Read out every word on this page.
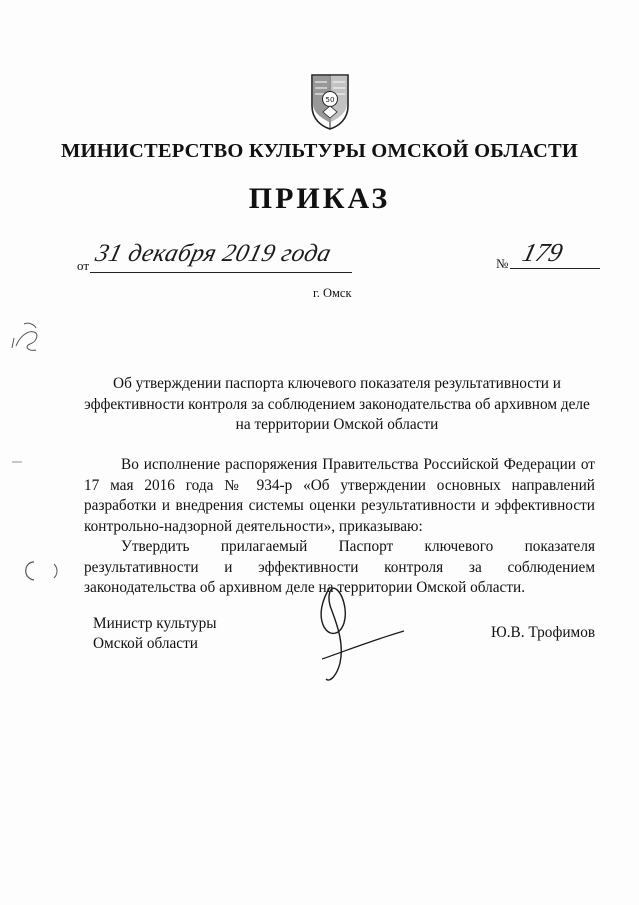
50
МИНИСТЕРСТВО КУЛЬТУРЫ ОМСКОЙ ОБЛАСТИ
ПРИКАЗ
от 31 декабря 2019 года	№ 179
г. Омск
Об утверждении паспорта ключевого показателя результативности и эффективности контроля за соблюдением законодательства об архивном деле на территории Омской области

Во исполнение распоряжения Правительства Российской Федерации от 17 мая 2016 года № 934-р «Об утверждении основных направлений разработки и внедрения системы оценки результативности и эффективности контрольно-надзорной деятельности», приказываю:

Утвердить прилагаемый Паспорт ключевого показателя результативности и эффективности контроля за соблюдением законодательства об архивном деле на территории Омской области.

Министр культуры
Омской области
Ю.В. Трофимов
